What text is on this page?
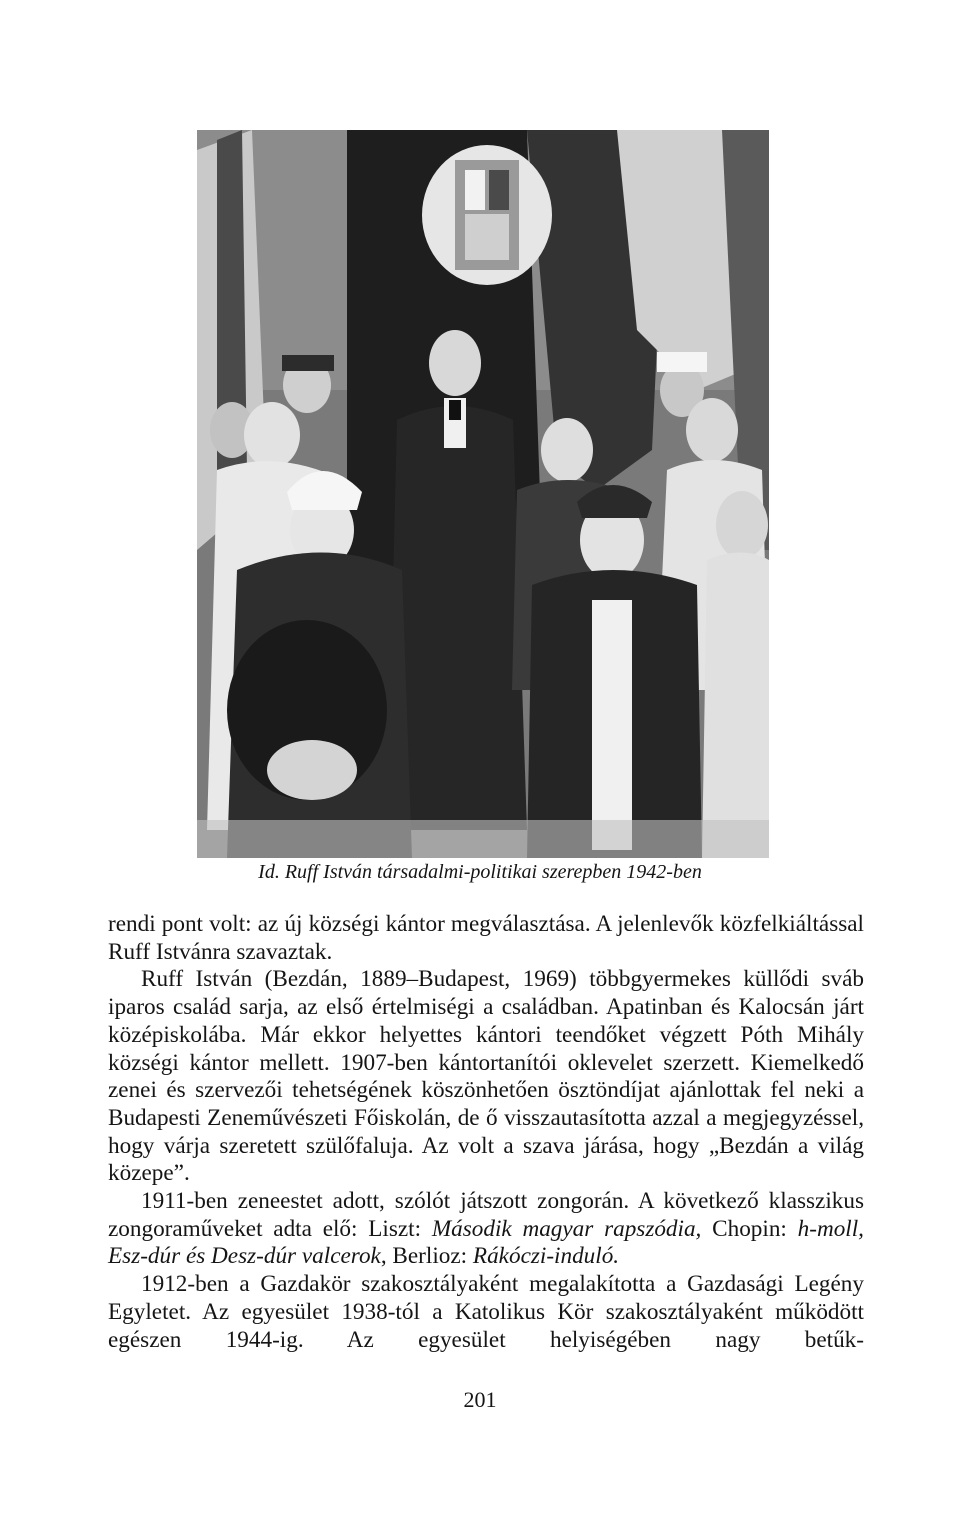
Id. Ruff István társadalmi-politikai szerepben 1942-ben

rendi pont volt: az új községi kántor megválasztása. A jelenlevők közfelkiáltással Ruff Istvánra szavaztak.

Ruff István (Bezdán, 1889–Budapest, 1969) többgyermekes küllődi sváb iparos család sarja, az első értelmiségi a családban. Apatinban és Kalocsán járt középiskolába. Már ekkor helyettes kántori teendőket végzett Póth Mihály községi kántor mellett. 1907-ben kántortanítói oklevelet szerzett. Kiemelkedő zenei és szervezői tehetségének köszönhetően ösztöndíjat ajánlottak fel neki a Budapesti Zeneművészeti Főiskolán, de ő visszautasította azzal a megjegyzéssel, hogy várja szeretett szülőfaluja. Az volt a szava járása, hogy „Bezdán a világ közepe”.

1911-ben zeneestet adott, szólót játszott zongorán. A következő klasszikus zongoraműveket adta elő: Liszt: Második magyar rapszódia, Chopin: h-moll, Esz-dúr és Desz-dúr valcerok, Berlioz: Rákóczi-induló.

1912-ben a Gazdakör szakosztályaként megalakította a Gazdasági Legény Egyletet. Az egyesület 1938-tól a Katolikus Kör szakosztályaként működött egészen 1944-ig. Az egyesület helyiségében nagy betűk-

201
